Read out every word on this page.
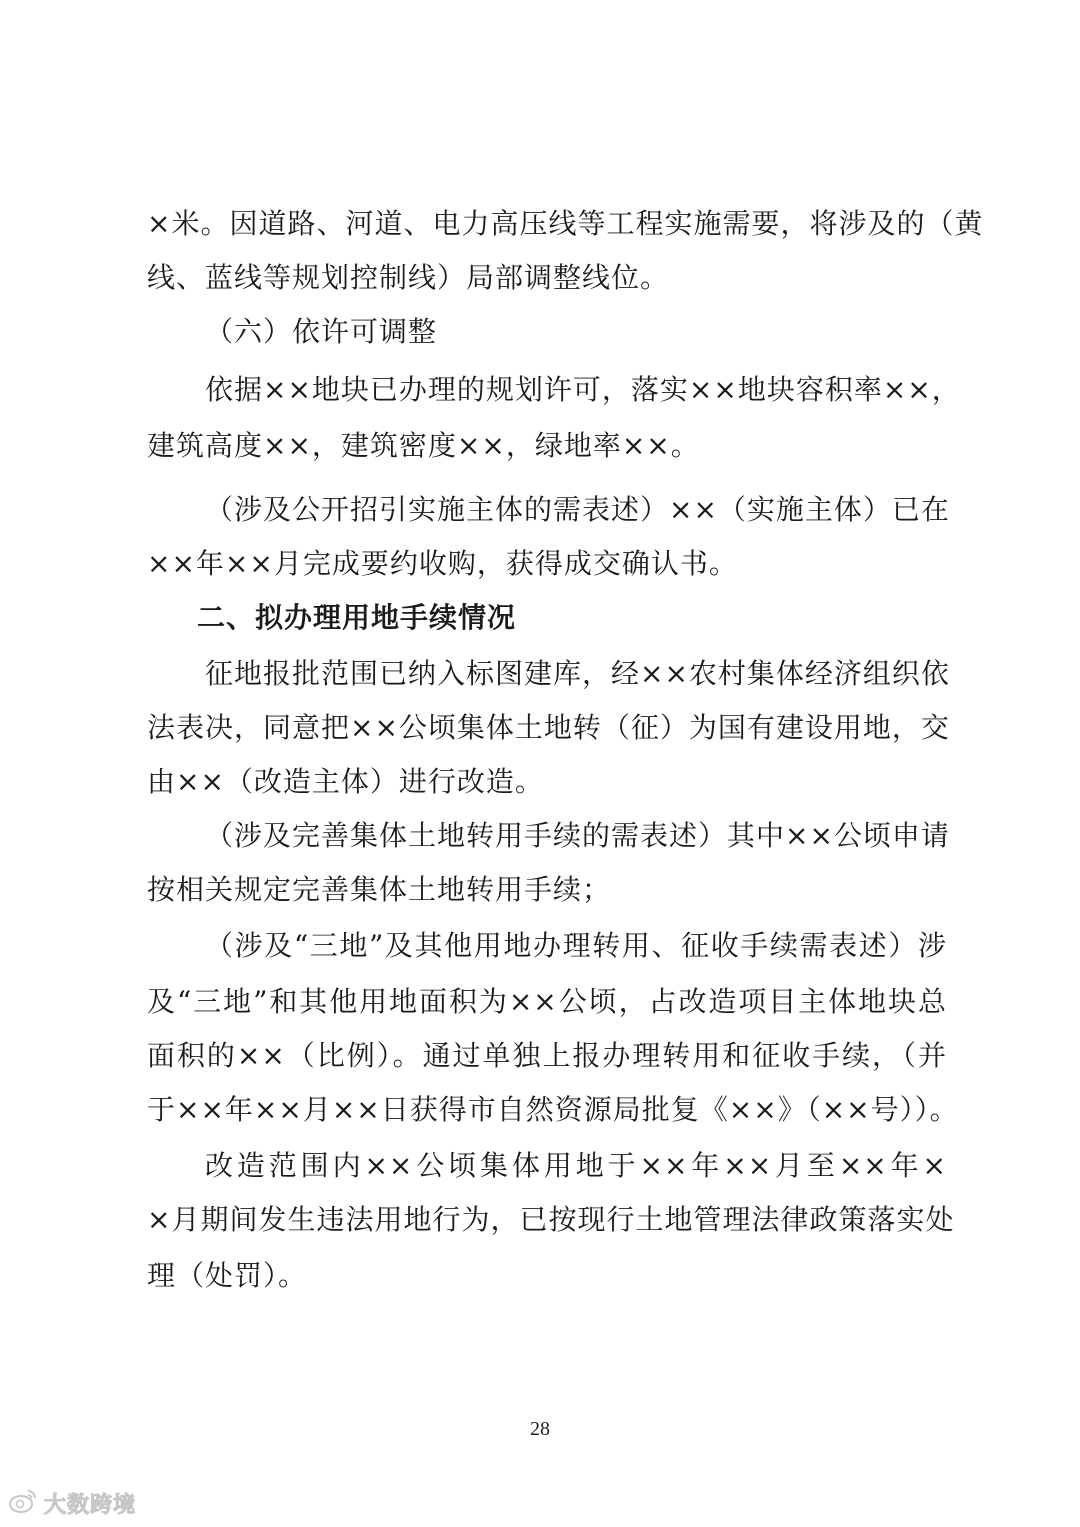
×米。因道路、河道、电力高压线等工程实施需要，将涉及的（黄
线、蓝线等规划控制线）局部调整线位。
（六）依许可调整
依据××地块已办理的规划许可，落实××地块容积率××，
建筑高度××，建筑密度××，绿地率××。
（涉及公开招引实施主体的需表述）××（实施主体）已在
××年××月完成要约收购，获得成交确认书。
二、拟办理用地手续情况
征地报批范围已纳入标图建库，经××农村集体经济组织依
法表决，同意把××公顷集体土地转（征）为国有建设用地，交
由××（改造主体）进行改造。
（涉及完善集体土地转用手续的需表述）其中××公顷申请
按相关规定完善集体土地转用手续；
（涉及“三地”及其他用地办理转用、征收手续需表述）涉
及“三地”和其他用地面积为××公顷，占改造项目主体地块总
面积的××（比例）。通过单独上报办理转用和征收手续，（并
于××年××月××日获得市自然资源局批复《××》（××号））。
改造范围内××公顷集体用地于××年××月至××年×
×月期间发生违法用地行为，已按现行土地管理法律政策落实处
理（处罚）。
28
大数跨境
